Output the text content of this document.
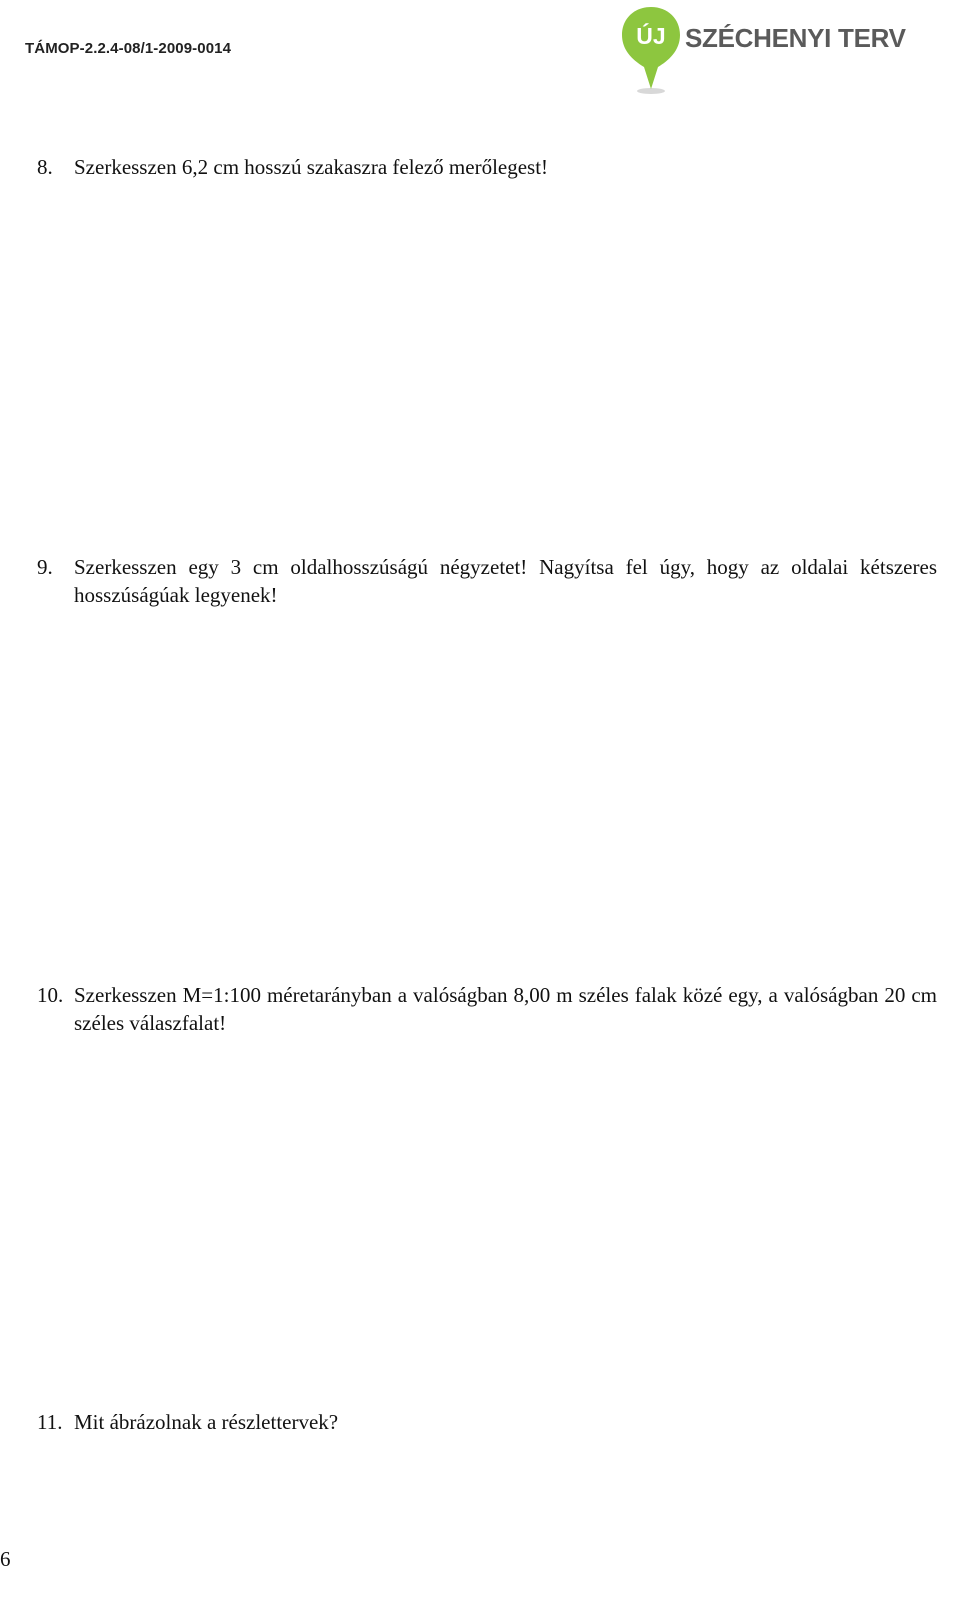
TÁMOP-2.2.4-08/1-2009-0014	ÚJ SZÉCHENYI TERV
8.	Szerkesszen 6,2 cm hosszú szakaszra felező merőlegest!
9.	Szerkesszen egy 3 cm oldalhosszúságú négyzetet! Nagyítsa fel úgy, hogy az oldalai kétszeres hosszúságúak legyenek!
10. Szerkesszen M=1:100 méretarányban a valóságban 8,00 m széles falak közé egy, a valóságban 20 cm széles válaszfalat!
11. Mit ábrázolnak a részlettervek?
6
